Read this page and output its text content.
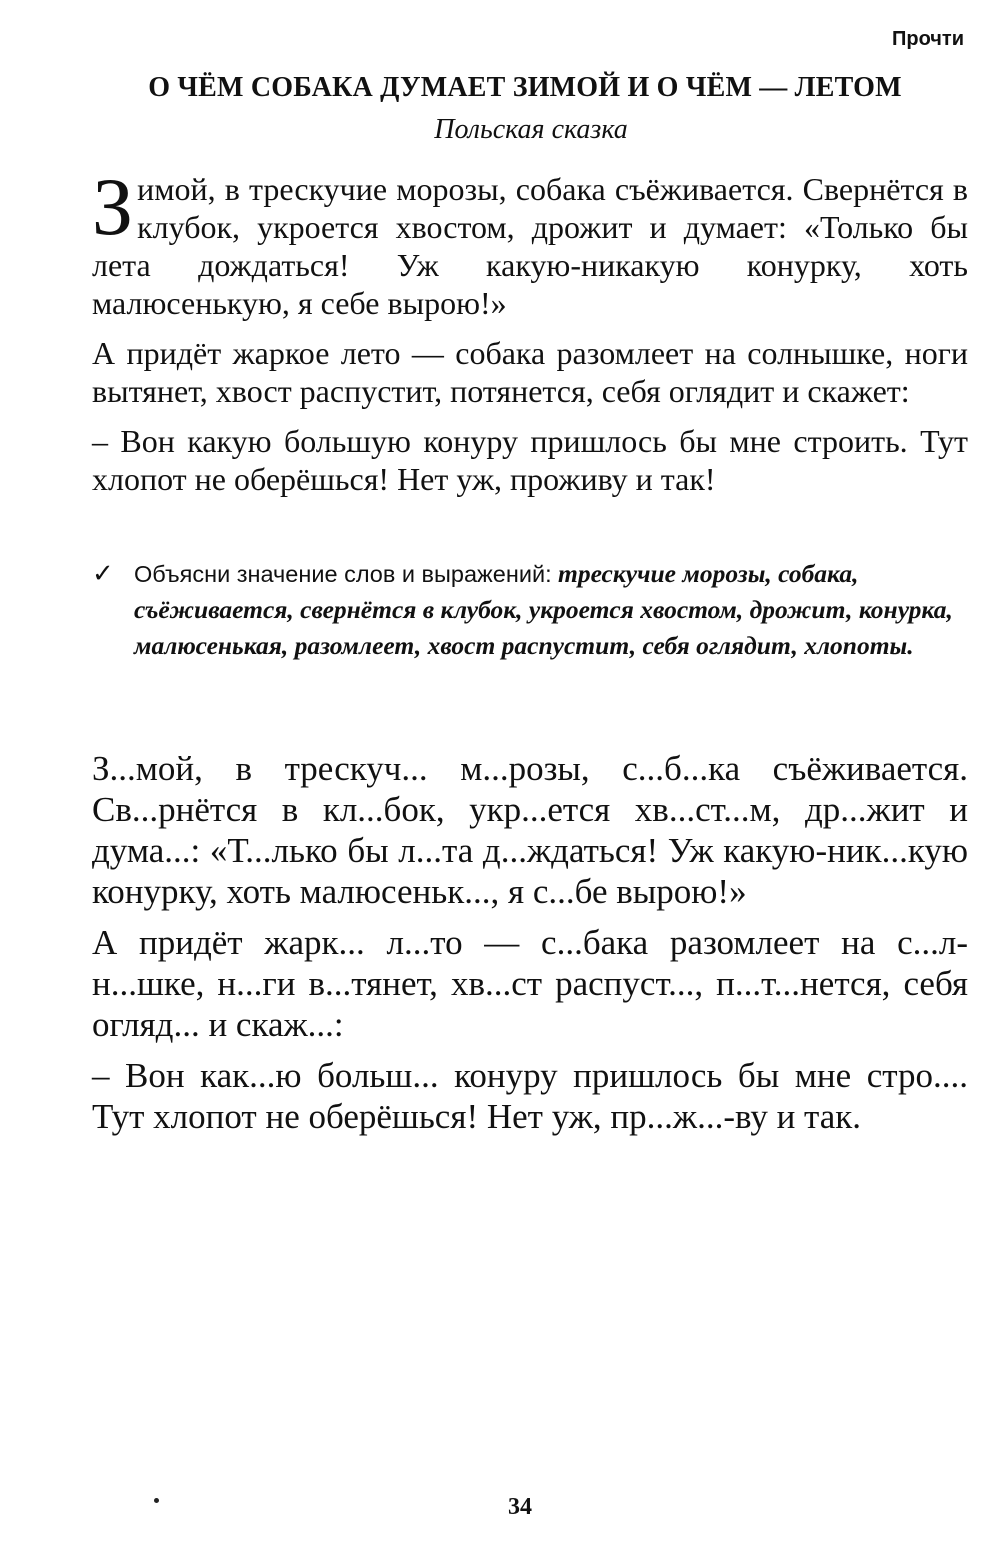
Прочти
О ЧЁМ СОБАКА ДУМАЕТ ЗИМОЙ И О ЧЁМ — ЛЕТОМ
Польская сказка

Зимой, в трескучие морозы, собака съёживается. Свернётся в клубок, укроется хвостом, дрожит и думает: «Только бы лета дождаться! Уж какую-никакую конурку, хоть малюсенькую, я себе вырою!»

А придёт жаркое лето — собака разомлеет на солнышке, ноги вытянет, хвост распустит, потянется, себя оглядит и скажет:

– Вон какую большую конуру пришлось бы мне строить. Тут хлопот не оберёшься! Нет уж, проживу и так!

✓ Объясни значение слов и выражений: трескучие морозы, собака, съёживается, свернётся в клубок, укроется хвостом, дрожит, конурка, малюсенькая, разомлеет, хвост распустит, себя оглядит, хлопоты.

З...мой, в трескуч... м...розы, с...б...ка съёживается. Св...рнётся в кл...бок, укр...ется хв...ст...м, др...жит и дума...: «Т...лько бы л...та д...ждаться! Уж какую-ник...кую конурку, хоть малюсеньк..., я с...бе вырою!»

А придёт жарк... л...то — с...бака разомлеет на с...л-н...шке, н...ги в...тянет, хв...ст распуст..., п...т...нется, себя огляд... и скаж...:

– Вон как...ю больш... конуру пришлось бы мне стро.... Тут хлопот не оберёшься! Нет уж, пр...ж...-ву и так.

34
